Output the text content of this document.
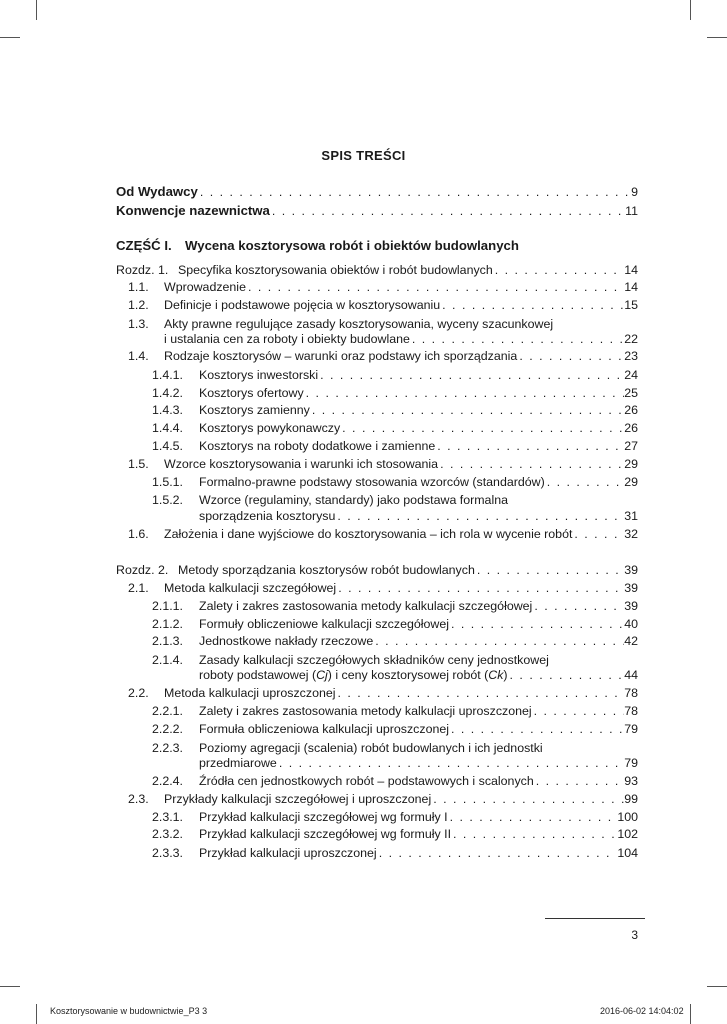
SPIS TREŚCI
Od Wydawcy . . .	9
Konwencje nazewnictwa . . .	11
CZĘŚĆ I. Wycena kosztorysowa robót i obiektów budowlanych
Rozdz. 1. Specyfika kosztorysowania obiektów i robót budowlanych . . .	14
1.1.	Wprowadzenie . . .	14
1.2.	Definicje i podstawowe pojęcia w kosztorysowaniu . . .	15
1.3. Akty prawne regulujące zasady kosztorysowania, wyceny szacunkowej
i ustalania cen za roboty i obiekty budowlane . . .	22
1.4.	Rodzaje kosztorysów – warunki oraz podstawy ich sporządzania . . .	23
1.4.1.	Kosztorys inwestorski . . .	24
1.4.2.	Kosztorys ofertowy . . .	25
1.4.3.	Kosztorys zamienny . . .	26
1.4.4.	Kosztorys powykonawczy . . .	26
1.4.5.	Kosztorys na roboty dodatkowe i zamienne . . .	27
1.5.	Wzorce kosztorysowania i warunki ich stosowania . . .	29
1.5.1.	Formalno-prawne podstawy stosowania wzorców (standardów) . . .	29
1.5.2. Wzorce (regulaminy, standardy) jako podstawa formalna
sporządzenia kosztorysu . . .	31
1.6.	Założenia i dane wyjściowe do kosztorysowania – ich rola w wycenie robót . . .	32
Rozdz. 2. Metody sporządzania kosztorysów robót budowlanych . . .	39
2.1.	Metoda kalkulacji szczegółowej . . .	39
2.1.1.	Zalety i zakres zastosowania metody kalkulacji szczegółowej . . .	39
2.1.2.	Formuły obliczeniowe kalkulacji szczegółowej . . .	40
2.1.3.	Jednostkowe nakłady rzeczowe . . .	42
2.1.4. Zasady kalkulacji szczegółowych składników ceny jednostkowej
roboty podstawowej (Cj) i ceny kosztorysowej robót (Ck) . . .	44
2.2.	Metoda kalkulacji uproszczonej . . .	78
2.2.1.	Zalety i zakres zastosowania metody kalkulacji uproszczonej . . .	78
2.2.2.	Formuła obliczeniowa kalkulacji uproszczonej . . .	79
2.2.3. Poziomy agregacji (scalenia) robót budowlanych i ich jednostki
przedmiarowe . . .	79
2.2.4.	Źródła cen jednostkowych robót – podstawowych i scalonych . . .	93
2.3.	Przykłady kalkulacji szczegółowej i uproszczonej . . .	99
2.3.1.	Przykład kalkulacji szczegółowej wg formuły I . . .	100
2.3.2.	Przykład kalkulacji szczegółowej wg formuły II . . .	102
2.3.3.	Przykład kalkulacji uproszczonej . . .	104
3
Kosztorysowanie w budownictwie_P3 3	2016-06-02 14:04:02
